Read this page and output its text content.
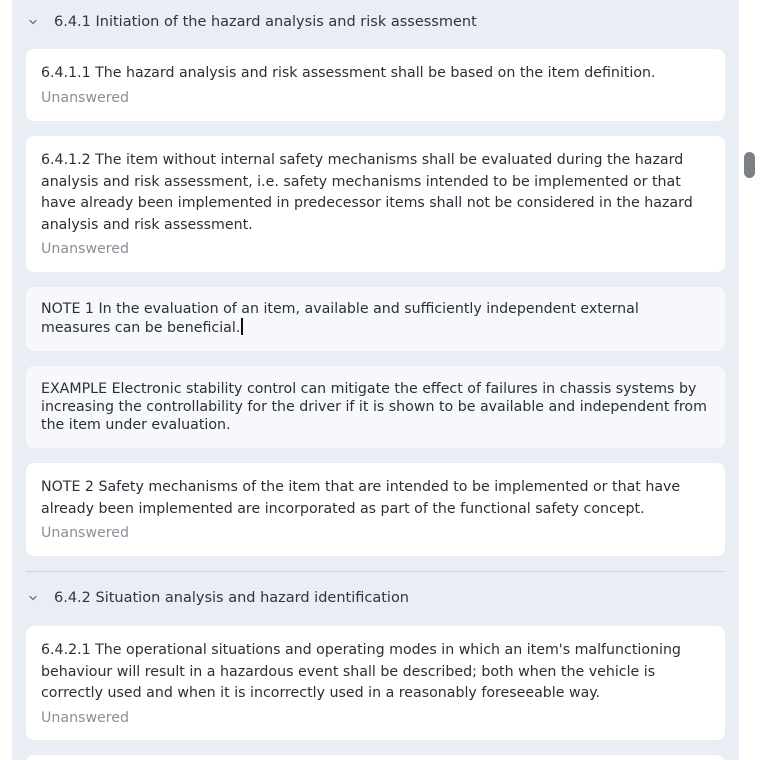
6.4.1 Initiation of the hazard analysis and risk assessment
6.4.1.1 The hazard analysis and risk assessment shall be based on the item definition.
Unanswered
6.4.1.2 The item without internal safety mechanisms shall be evaluated during the hazard analysis and risk assessment, i.e. safety mechanisms intended to be implemented or that have already been implemented in predecessor items shall not be considered in the hazard analysis and risk assessment.
Unanswered
NOTE 1 In the evaluation of an item, available and sufficiently independent external measures can be beneficial.
EXAMPLE Electronic stability control can mitigate the effect of failures in chassis systems by increasing the controllability for the driver if it is shown to be available and independent from the item under evaluation.
NOTE 2 Safety mechanisms of the item that are intended to be implemented or that have already been implemented are incorporated as part of the functional safety concept.
Unanswered
6.4.2 Situation analysis and hazard identification
6.4.2.1 The operational situations and operating modes in which an item's malfunctioning behaviour will result in a hazardous event shall be described; both when the vehicle is correctly used and when it is incorrectly used in a reasonably foreseeable way.
Unanswered
